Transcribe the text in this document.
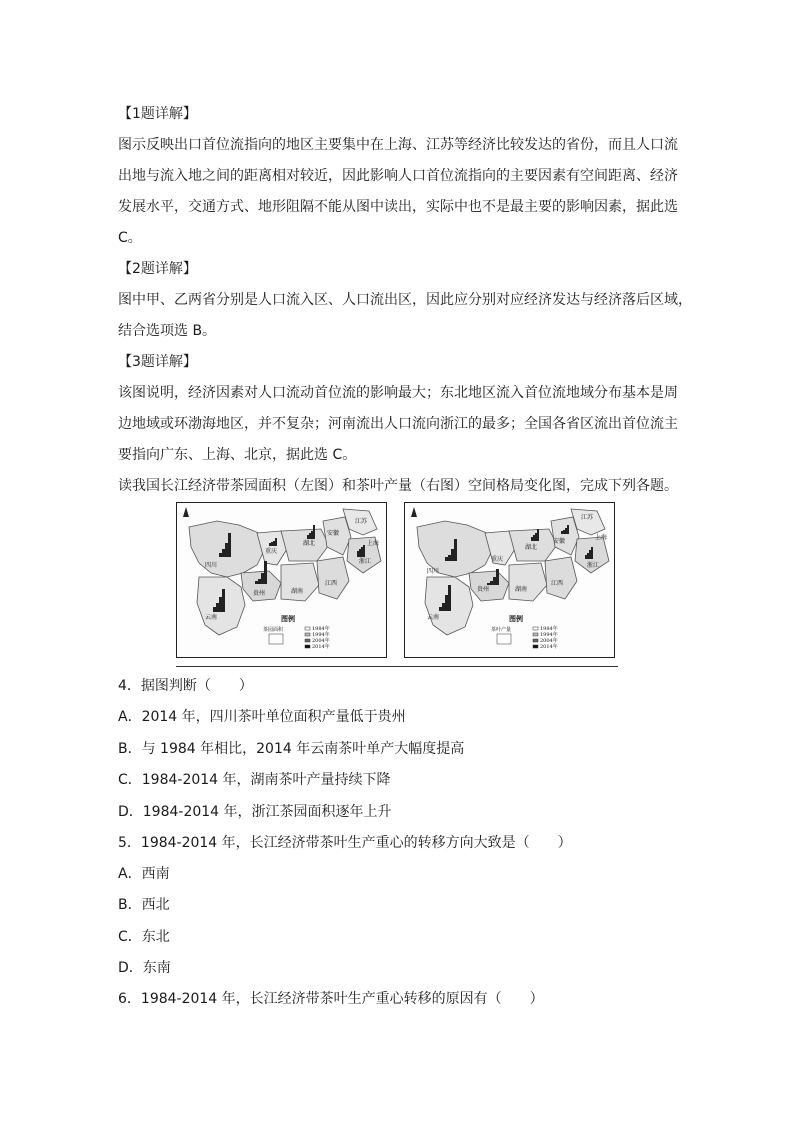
【1题详解】
图示反映出口首位流指向的地区主要集中在上海、江苏等经济比较发达的省份，而且人口流
出地与流入地之间的距离相对较近，因此影响人口首位流指向的主要因素有空间距离、经济
发展水平，交通方式、地形阻隔不能从图中读出，实际中也不是最主要的影响因素，据此选
C。
【2题详解】
图中甲、乙两省分别是人口流入区、人口流出区，因此应分别对应经济发达与经济落后区域，
结合选项选 B。
【3题详解】
该图说明，经济因素对人口流动首位流的影响最大；东北地区流入首位流地域分布基本是周
边地域或环渤海地区，并不复杂；河南流出人口流向浙江的最多；全国各省区流出首位流主
要指向广东、上海、北京，据此选 C。
读我国长江经济带茶园面积（左图）和茶叶产量（右图）空间格局变化图，完成下列各题。
四川
重庆
湖北
安徽
江苏
上海
浙江
江西
湖南
贵州
云南	图例
茶园面积	1984年
1994年
2004年
2014年
四川
重庆
湖北
安徽
江苏
上海
浙江
江西
湖南
贵州
云南	图例
茶叶产量	1984年
1994年
2004年
2014年
4．据图判断（　　）
A．2014 年，四川茶叶单位面积产量低于贵州
B．与 1984 年相比，2014 年云南茶叶单产大幅度提高
C．1984-2014 年，湖南茶叶产量持续下降
D．1984-2014 年，浙江茶园面积逐年上升
5．1984-2014 年，长江经济带茶叶生产重心的转移方向大致是（　　）
A．西南
B．西北
C．东北
D．东南
6．1984-2014 年，长江经济带茶叶生产重心转移的原因有（　　）
